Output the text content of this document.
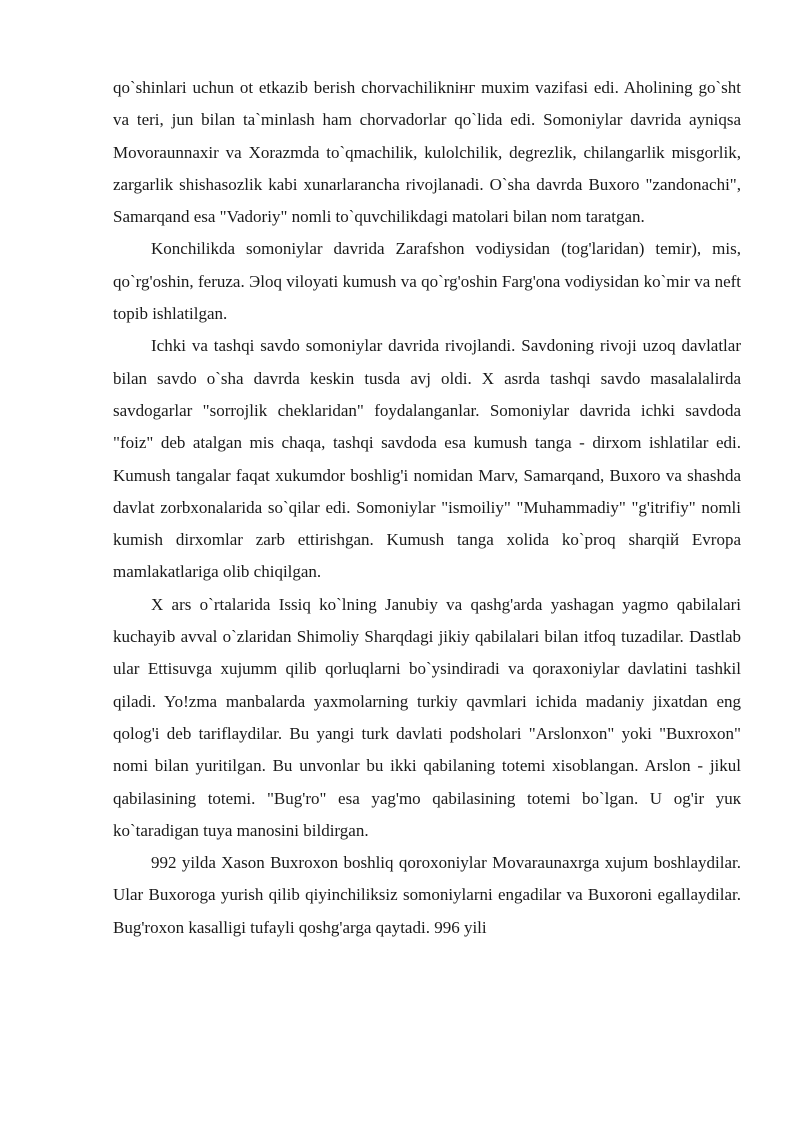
qo`shinlari uchun ot etkazib berish chorvachilikniнг muxim vazifasi edi. Aholining go`sht va teri, jun bilan ta`minlash ham chorvadorlar qo`lida edi. Somoniylar davrida ayniqsa Movoraunnaxir va Xorazmda to`qmachilik, kulolchilik, degrezlik, chilangarlik misgorlik, zargarlik shishasozlik kabi xunarlarancha rivojlanadi. O`sha davrda Buxoro "zandonachi", Samarqand esa "Vadoriy" nomli to`quvchilikdagi matolari bilan nom taratgan.

Konchilikda somoniylar davrida Zarafshon vodiysidan (tog'laridan) temir), mis, qo`rg'oshin, feruza. Эloq viloyati kumush va qo`rg'oshin Farg'ona vodiysidan ko`mir va neft topib ishlatilgan.

Ichki va tashqi savdo somoniylar davrida rivojlandi. Savdoning rivoji uzoq davlatlar bilan savdo o`sha davrda keskin tusda avj oldi. X asrda tashqi savdo masalalalirda savdogarlar "sorrojlik cheklaridan" foydalanganlar. Somoniylar davrida ichki savdoda "foiz" deb atalgan mis chaqa, tashqi savdoda esa kumush tanga - dirxom ishlatilar edi. Kumush tangalar faqat xukumdor boshlig'i nomidan Marv, Samarqand, Buxoro va shashda davlat zorbxonalarida so`qilar edi. Somoniylar "ismoiliy" "Muhammadiy" "g'itrifiy" nomli kumish dirxomlar zarb ettirishgan. Kumush tanga xolida ko`proq sharqiй Evropa mamlakatlariga olib chiqilgan.

X ars o`rtalarida Issiq ko`lning Janubiy va qashg'arda yashagan yagmo qabilalari kuchayib avval o`zlaridan Shimoliy Sharqdagi jikiy qabilalari bilan itfoq tuzadilar. Dastlab ular Ettisuvga xujumm qilib qorluqlarni bo`ysindiradi va qoraxoniylar davlatini tashkil qiladi. Yo!zma manbalarda yaxmolarning turkiy qavmlari ichida madaniy jixatdan eng qolog'i deb tariflaydilar. Bu yangi turk davlati podsholari "Arslonxon" yoki "Buxroxon" nomi bilan yuritilgan. Bu unvonlar bu ikki qabilaning totemi xisoblangan. Arslon - jikul qabilasining totemi. "Bug'ro" esa yag'mo qabilasining totemi bo`lgan. U og'ir yuк ko`taradigan tuya manosini bildirgan.

992 yilda Xason Buxroxon boshliq qoroxoniylar Movaraunaxrga xujum boshlaydilar. Ular Buxoroga yurish qilib qiyinchiliksiz somoniylarni engadilar va Buxoroni egallaydilar. Bug'roxon kasalligi tufayli qoshg'arga qaytadi. 996 yili
